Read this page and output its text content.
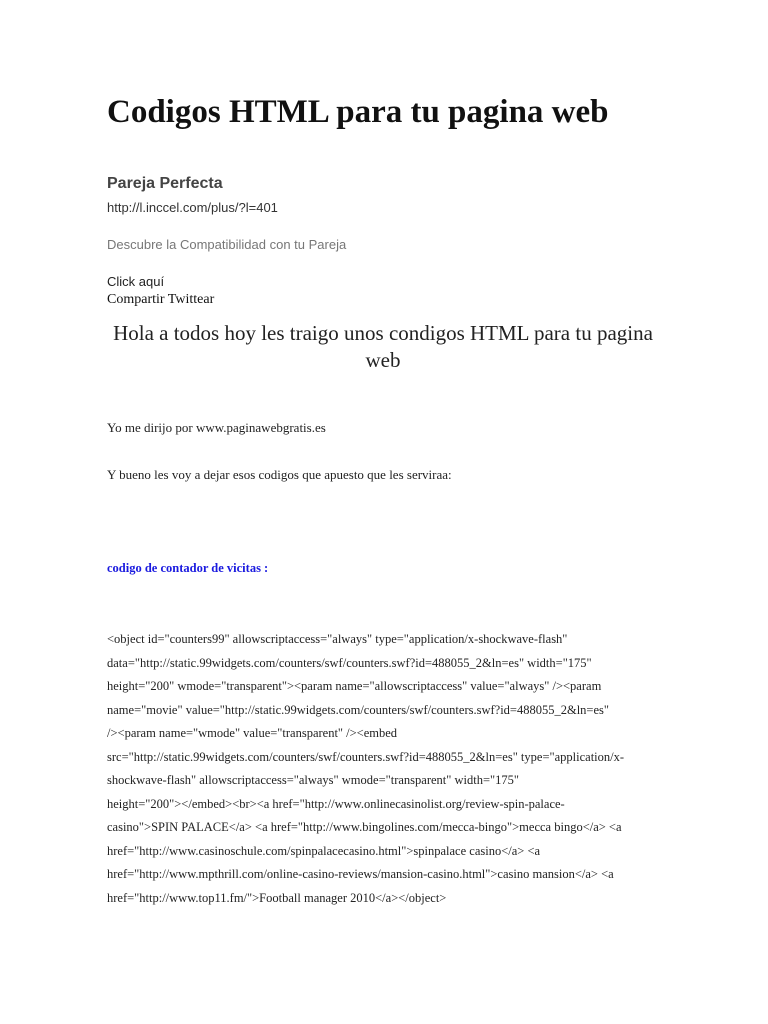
Codigos HTML para tu pagina web
Pareja Perfecta
http://l.inccel.com/plus/?l=401
Descubre la Compatibilidad con tu Pareja
Click aquí
Compartir Twittear
Hola a todos hoy les traigo unos condigos HTML para tu pagina web

Yo me dirijo por www.paginawebgratis.es

Y bueno les voy a dejar esos codigos que apuesto que les serviraa:

codigo de contador de vicitas :
<object id="counters99" allowscriptaccess="always" type="application/x-shockwave-flash"
data="http://static.99widgets.com/counters/swf/counters.swf?id=488055_2&ln=es" width="175"
height="200" wmode="transparent"><param name="allowscriptaccess" value="always" /><param
name="movie" value="http://static.99widgets.com/counters/swf/counters.swf?id=488055_2&ln=es"
/><param name="wmode" value="transparent" /><embed
src="http://static.99widgets.com/counters/swf/counters.swf?id=488055_2&ln=es" type="application/x-
shockwave-flash" allowscriptaccess="always" wmode="transparent" width="175"
height="200"></embed><br><a href="http://www.onlinecasinolist.org/review-spin-palace-
casino">SPIN PALACE</a> <a href="http://www.bingolines.com/mecca-bingo">mecca bingo</a> <a
href="http://www.casinoschule.com/spinpalacecasino.html">spinpalace casino</a> <a
href="http://www.mpthrill.com/online-casino-reviews/mansion-casino.html">casino mansion</a> <a
href="http://www.top11.fm/">Football manager 2010</a></object>
